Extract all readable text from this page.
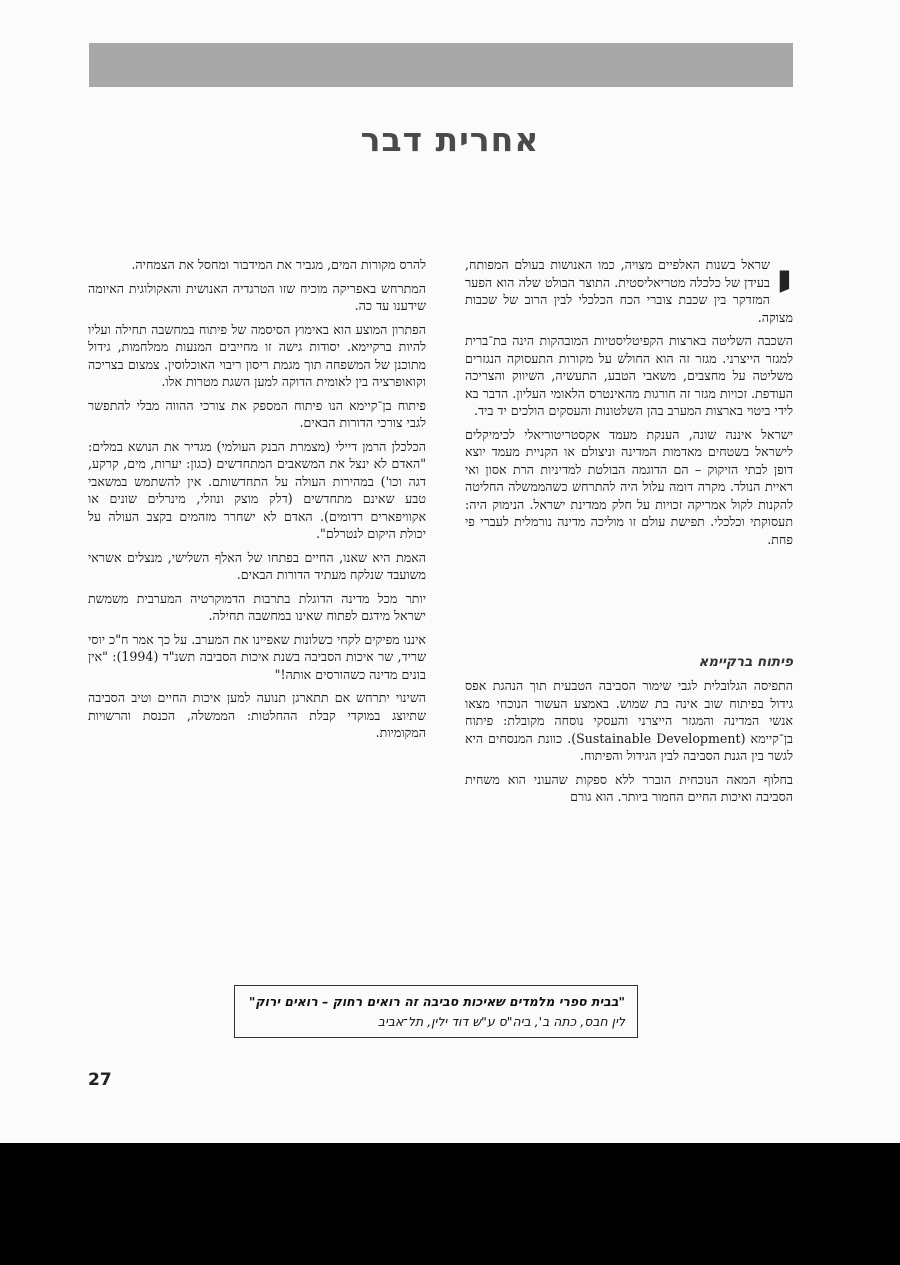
אחרית דבר

י
שראל בשנות האלפיים מצויה, כמו האנושות בעולם המפותח, בעידן של כלכלה מטריאליסטית. התוצר הבולט שלה הוא הפער המזדקר בין שכבת צוברי הכח הכלכלי לבין הרוב של שכבות מצוקה.

השכבה השליטה בארצות הקפיטליסטיות המובהקות הינה בת־ברית למגזר הייצרני. מגזר זה הוא החולש על מקורות התעסוקה הנגזרים משליטה על מחצבים, משאבי הטבע, התעשיה, השיווק והצריכה העודפת. זכויות מגזר זה חורגות מהאינטרס הלאומי העליון. הדבר בא לידי ביטוי בארצות המערב בהן השלטונות והעסקים הולכים יד ביד.

ישראל איננה שונה, הענקת מעמד אקסטריטוריאלי לכימיקלים לישראל בשטחים מאדמות המדינה וניצולם או הקניית מעמד יוצא דופן לבתי הזיקוק – הם הדוגמה הבולטת למדיניות הרת אסון ואי ראיית הנולד. מקרה דומה עלול היה להתרחש כשהממשלה החליטה להקנות לקול אמריקה זכויות על חלק ממדינת ישראל. הנימוק היה: תעסוקתי וכלכלי. תפישת עולם זו מוליכה מדינה נורמלית לעברי פי פחת.

פיתוח ברקיימא

התפיסה הגלובלית לגבי שימור הסביבה הטבעית תוך הנהגת אפס גידול בפיתוח שוב אינה בת שמוש. באמצע העשור הנוכחי מצאו אנשי המדינה והמגזר הייצרני והעסקי נוסחה מקובלת: פיתוח בן־קיימא (Sustainable Development). כוונת המנסחים היא לגשר בין הגנת הסביבה לבין הגידול והפיתוח.

בחלוף המאה הנוכחית הוברר ללא ספקות שהעוני הוא משחית הסביבה ואיכות החיים החמור ביותר. הוא גורם

להרס מקורות המים, מגביר את המידבור ומחסל את הצמחיה.

המתרחש באפריקה מוכיח שזו הטרגדיה האנושית והאקולוגית האיומה שידענו עד כה.

הפתרון המוצע הוא באימוץ הסיסמה של פיתוח במחשבה תחילה ועליו להיות ברקיימא. יסודות גישה זו מחייבים המנעות ממלחמות, גידול מתוכנן של המשפחה תוך מגמת ריסון ריבוי האוכלוסין. צמצום בצריכה וקואופרציה בין לאומית הדוקה למען השגת מטרות אלו.

פיתוח בן־קיימא הנו פיתוח המספק את צורכי ההווה מבלי להתפשר לגבי צורכי הדורות הבאים.

הכלכלן הרמן דיילי (מצמרת הבנק העולמי) מגדיר את הנושא במלים: "האדם לא ינצל את המשאבים המתחדשים (כגון: יערות, מים, קרקע, דגה וכו') במהירות העולה על התחדשותם. אין להשתמש במשאבי טבע שאינם מתחדשים (דלק מוצק ונוזלי, מינרלים שונים או אקוויפארים רדומים). האדם לא ישחרר מזהמים בקצב העולה על יכולת היקום לנטרלם".

האמת היא שאנו, החיים בפתחו של האלף השלישי, מנצלים אשראי משועבד שנלקח מעתיד הדורות הבאים.

יותר מכל מדינה הדוגלת בתרבות הדמוקרטיה המערבית משמשת ישראל מידגם לפתוח שאינו במחשבה תחילה.

איננו מפיקים לקחי כשלונות שאפיינו את המערב. על כך אמר ח"כ יוסי שריד, שר איכות הסביבה בשנת איכות הסביבה תשנ"ד (1994): "אין בונים מדינה כשהורסים אותה!"

השינוי יתרחש אם תתארגן תנועה למען איכות החיים וטיב הסביבה שתיוצג במוקדי קבלת ההחלטות: הממשלה, הכנסת והרשויות המקומיות.

"בבית ספרי מלמדים שאיכות סביבה זה רואים רחוק – רואים ירוק"
לין חבס, כתה ב', ביה"ס ע"ש דוד ילין, תל־אביב
27
